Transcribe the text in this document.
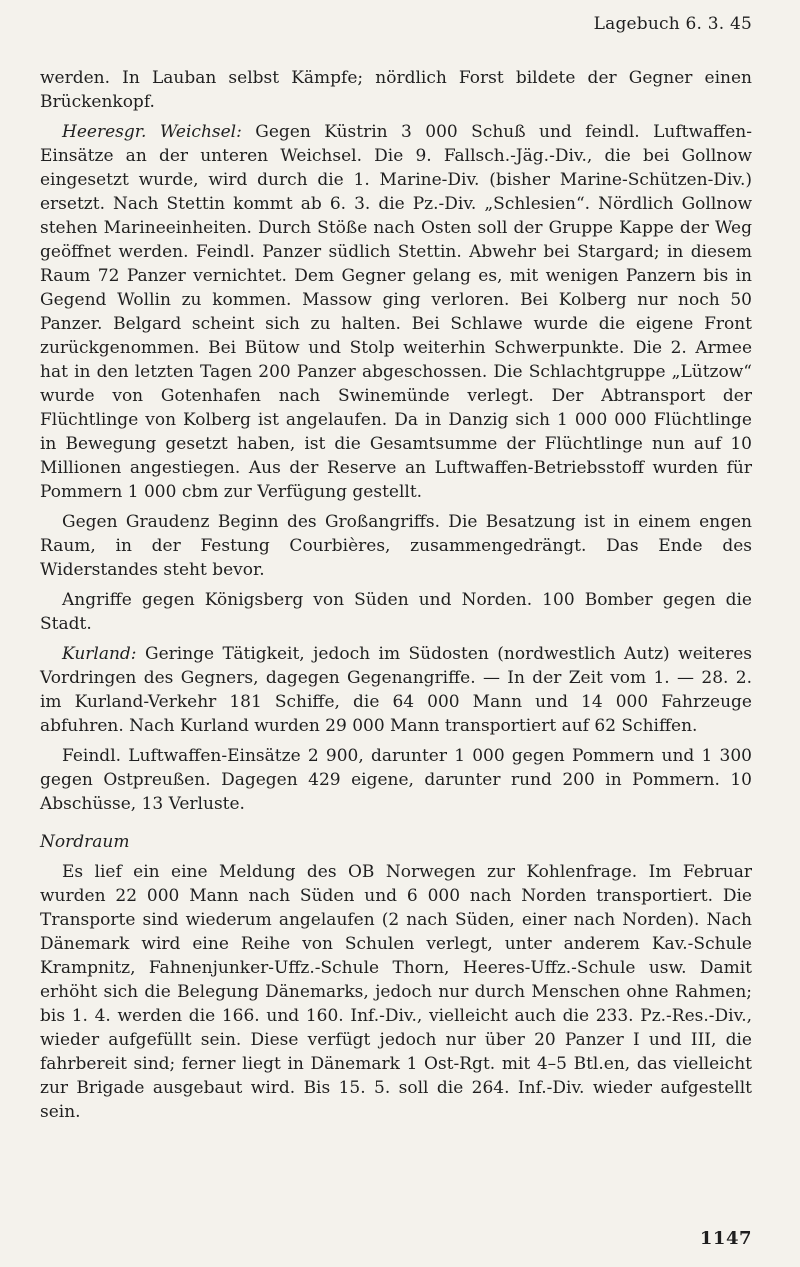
Lagebuch 6. 3. 45

werden. In Lauban selbst Kämpfe; nördlich Forst bildete der Gegner einen Brückenkopf.

Heeresgr. Weichsel: Gegen Küstrin 3 000 Schuß und feindl. Luftwaffen-Einsätze an der unteren Weichsel. Die 9. Fallsch.-Jäg.-Div., die bei Gollnow eingesetzt wurde, wird durch die 1. Marine-Div. (bisher Marine-Schützen-Div.) ersetzt. Nach Stettin kommt ab 6. 3. die Pz.-Div. „Schlesien“. Nördlich Gollnow stehen Marineeinheiten. Durch Stöße nach Osten soll der Gruppe Kappe der Weg geöffnet werden. Feindl. Panzer südlich Stettin. Abwehr bei Stargard; in diesem Raum 72 Panzer vernichtet. Dem Gegner gelang es, mit wenigen Panzern bis in Gegend Wollin zu kommen. Massow ging verloren. Bei Kolberg nur noch 50 Panzer. Belgard scheint sich zu halten. Bei Schlawe wurde die eigene Front zurückgenommen. Bei Bütow und Stolp weiterhin Schwerpunkte. Die 2. Armee hat in den letzten Tagen 200 Panzer abgeschossen. Die Schlachtgruppe „Lützow“ wurde von Gotenhafen nach Swinemünde verlegt. Der Abtransport der Flüchtlinge von Kolberg ist angelaufen. Da in Danzig sich 1 000 000 Flüchtlinge in Bewegung gesetzt haben, ist die Gesamtsumme der Flüchtlinge nun auf 10 Millionen angestiegen. Aus der Reserve an Luftwaffen-Betriebsstoff wurden für Pommern 1 000 cbm zur Verfügung gestellt.

Gegen Graudenz Beginn des Großangriffs. Die Besatzung ist in einem engen Raum, in der Festung Courbières, zusammengedrängt. Das Ende des Widerstandes steht bevor.

Angriffe gegen Königsberg von Süden und Norden. 100 Bomber gegen die Stadt.

Kurland: Geringe Tätigkeit, jedoch im Südosten (nordwestlich Autz) weiteres Vordringen des Gegners, dagegen Gegenangriffe. — In der Zeit vom 1. — 28. 2. im Kurland-Verkehr 181 Schiffe, die 64 000 Mann und 14 000 Fahrzeuge abfuhren. Nach Kurland wurden 29 000 Mann transportiert auf 62 Schiffen.

Feindl. Luftwaffen-Einsätze 2 900, darunter 1 000 gegen Pommern und 1 300 gegen Ostpreußen. Dagegen 429 eigene, darunter rund 200 in Pommern. 10 Abschüsse, 13 Verluste.

Nordraum

Es lief ein eine Meldung des OB Norwegen zur Kohlenfrage. Im Februar wurden 22 000 Mann nach Süden und 6 000 nach Norden transportiert. Die Transporte sind wiederum angelaufen (2 nach Süden, einer nach Norden). Nach Dänemark wird eine Reihe von Schulen verlegt, unter anderem Kav.-Schule Krampnitz, Fahnenjunker-Uffz.-Schule Thorn, Heeres-Uffz.-Schule usw. Damit erhöht sich die Belegung Dänemarks, jedoch nur durch Menschen ohne Rahmen; bis 1. 4. werden die 166. und 160. Inf.-Div., vielleicht auch die 233. Pz.-Res.-Div., wieder aufgefüllt sein. Diese verfügt jedoch nur über 20 Panzer I und III, die fahrbereit sind; ferner liegt in Dänemark 1 Ost-Rgt. mit 4–5 Btl.en, das vielleicht zur Brigade ausgebaut wird. Bis 15. 5. soll die 264. Inf.-Div. wieder aufgestellt sein.

1147
